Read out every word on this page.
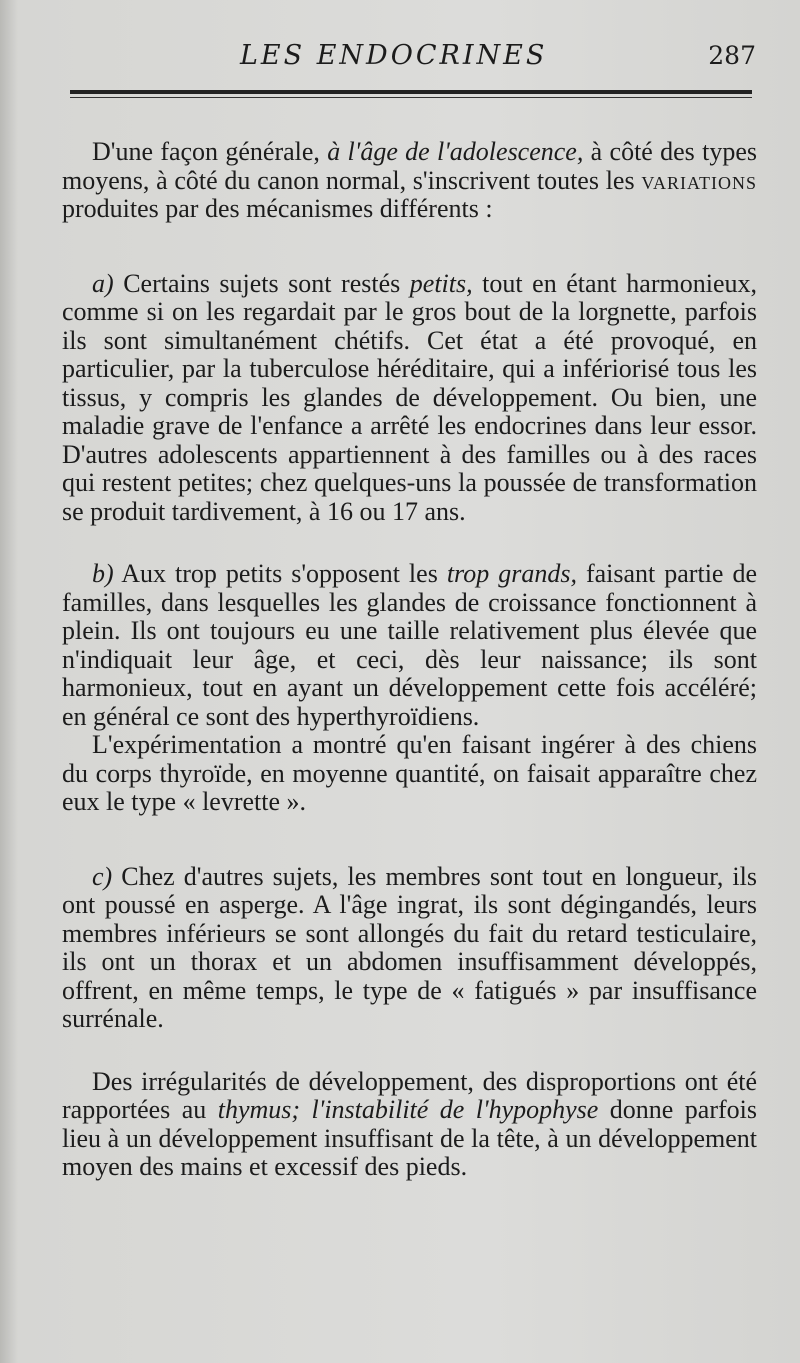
LES ENDOCRINES	287

D'une façon générale, à l'âge de l'adolescence, à côté des types moyens, à côté du canon normal, s'inscrivent toutes les variations produites par des mécanismes différents :

a) Certains sujets sont restés petits, tout en étant harmonieux, comme si on les regardait par le gros bout de la lorgnette, parfois ils sont simultanément chétifs. Cet état a été provoqué, en particulier, par la tuberculose héréditaire, qui a infériorisé tous les tissus, y compris les glandes de développement. Ou bien, une maladie grave de l'enfance a arrêté les endocrines dans leur essor. D'autres adolescents appartiennent à des familles ou à des races qui restent petites; chez quelques-uns la poussée de transformation se produit tardivement, à 16 ou 17 ans.

b) Aux trop petits s'opposent les trop grands, faisant partie de familles, dans lesquelles les glandes de croissance fonctionnent à plein. Ils ont toujours eu une taille relativement plus élevée que n'indiquait leur âge, et ceci, dès leur naissance; ils sont harmonieux, tout en ayant un développement cette fois accéléré; en général ce sont des hyperthyroïdiens.

L'expérimentation a montré qu'en faisant ingérer à des chiens du corps thyroïde, en moyenne quantité, on faisait apparaître chez eux le type « levrette ».

c) Chez d'autres sujets, les membres sont tout en longueur, ils ont poussé en asperge. A l'âge ingrat, ils sont dégingandés, leurs membres inférieurs se sont allongés du fait du retard testiculaire, ils ont un thorax et un abdomen insuffisamment développés, offrent, en même temps, le type de « fatigués » par insuffisance surrénale.

Des irrégularités de développement, des disproportions ont été rapportées au thymus; l'instabilité de l'hypophyse donne parfois lieu à un développement insuffisant de la tête, à un développement moyen des mains et excessif des pieds.
